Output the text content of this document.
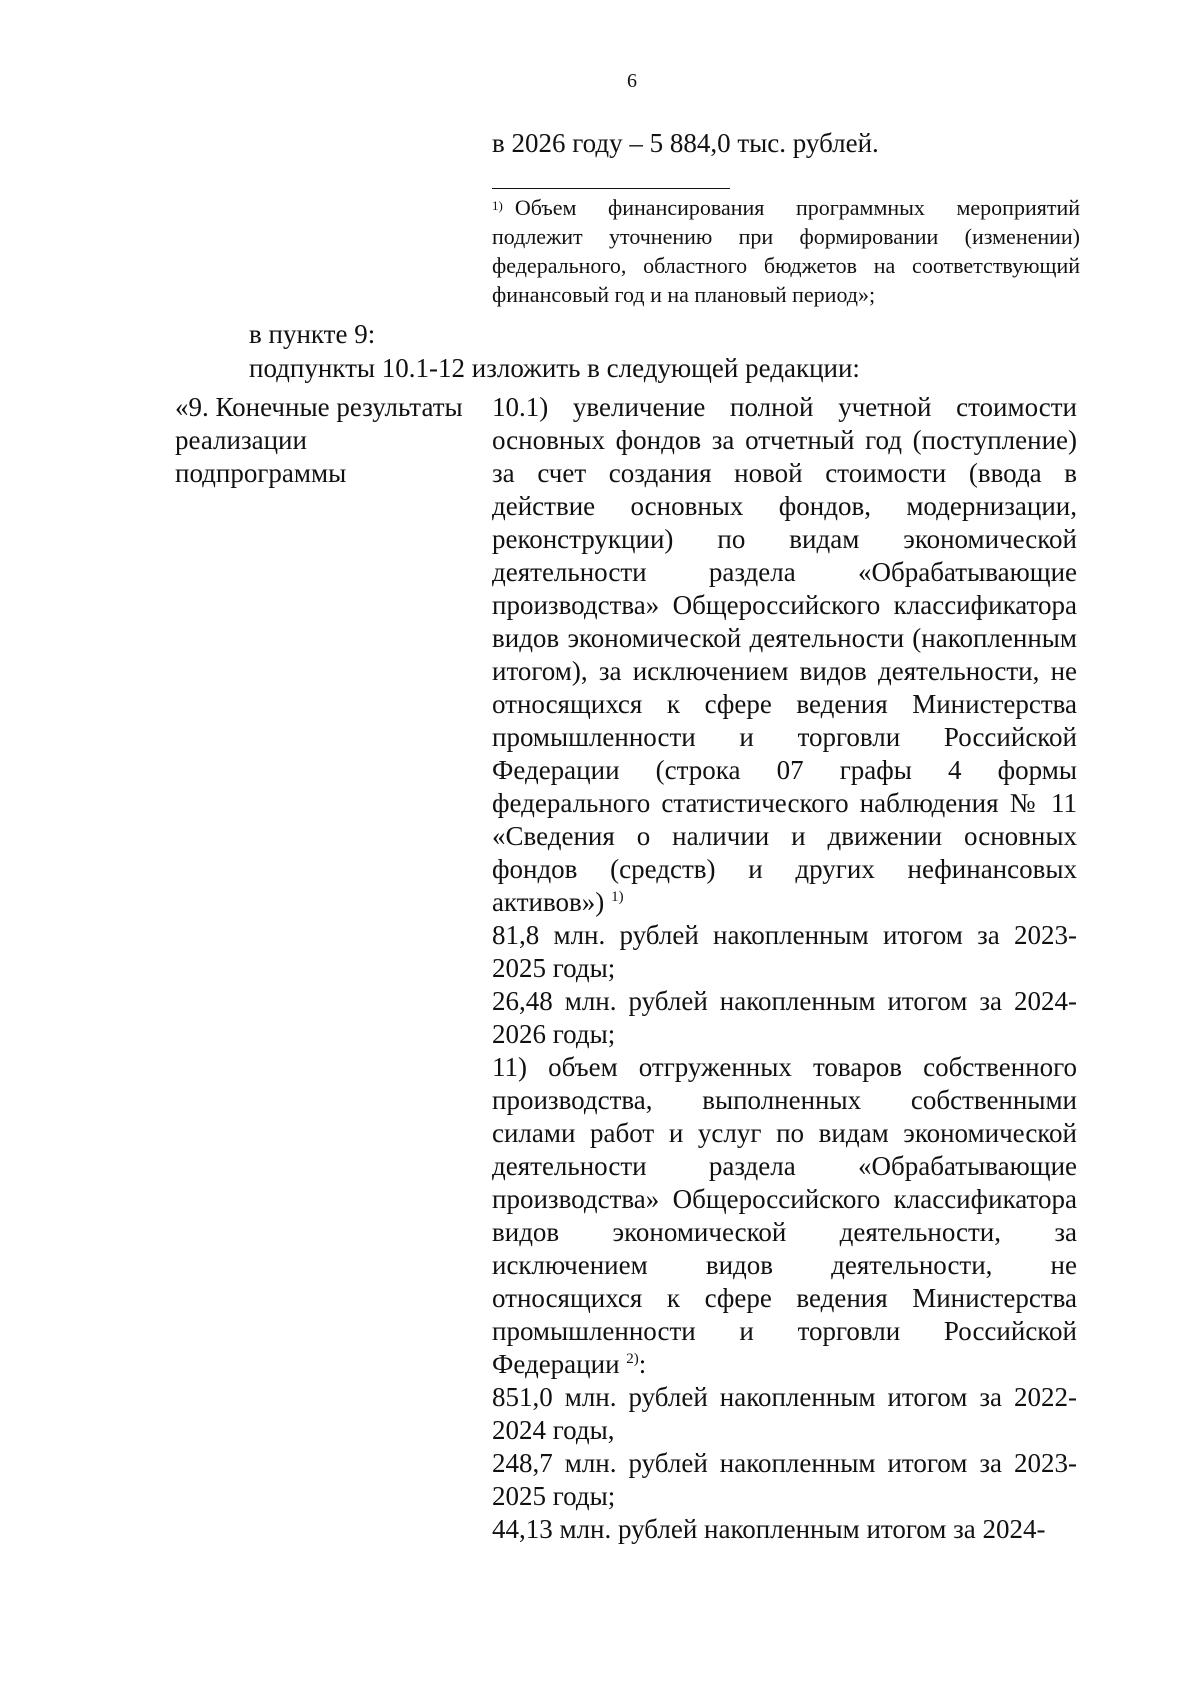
6
в 2026 году – 5 884,0 тыс. рублей.

$^{1)}$ Объем финансирования программных мероприятий подлежит уточнению при формировании (изменении) федерального, областного бюджетов на соответствующий финансовый год и на плановый период»;

в пункте 9:
подпункты 10.1-12 изложить в следующей редакции:
«9. Конечные результаты
реализации
подпрограммы

10.1) увеличение полной учетной стоимости основных фондов за отчетный год (поступление) за счет создания новой стоимости (ввода в действие основных фондов, модернизации, реконструкции) по видам экономической деятельности раздела «Обрабатывающие производства» Общероссийского классификатора видов экономической деятельности (накопленным итогом), за исключением видов деятельности, не относящихся к сфере ведения Министерства промышленности и торговли Российской Федерации (строка 07 графы 4 формы федерального статистического наблюдения № 11 «Сведения о наличии и движении основных фондов (средств) и других нефинансовых активов») $^{1)}$

81,8 млн. рублей накопленным итогом за 2023-2025 годы;

26,48 млн. рублей накопленным итогом за 2024-2026 годы;

11) объем отгруженных товаров собственного производства, выполненных собственными силами работ и услуг по видам экономической деятельности раздела «Обрабатывающие производства» Общероссийского классификатора видов экономической деятельности, за исключением видов деятельности, не относящихся к сфере ведения Министерства промышленности и торговли Российской Федерации $^{2)}$:

851,0 млн. рублей накопленным итогом за 2022-2024 годы,

248,7 млн. рублей накопленным итогом за 2023-2025 годы;

44,13 млн. рублей накопленным итогом за 2024-
